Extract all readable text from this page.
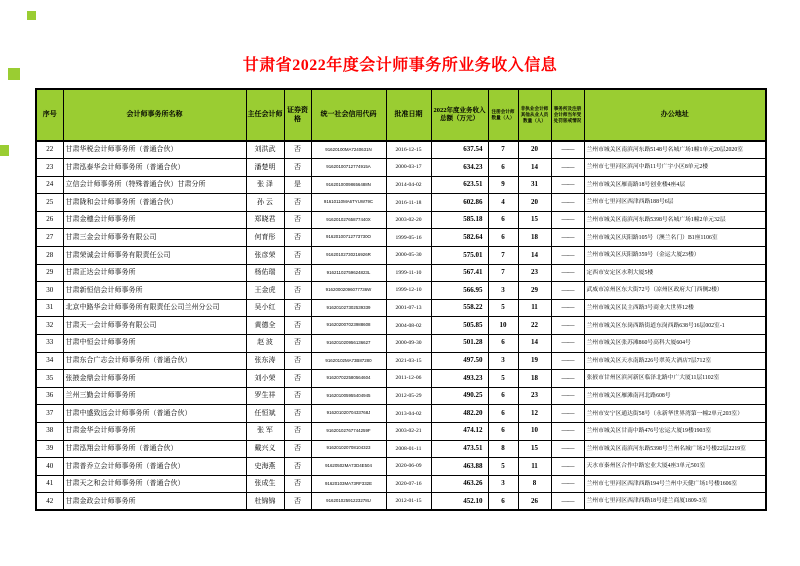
甘肃省2022年度会计师事务所业务收入信息
序号	会计师事务所名称	主任会计师	证券资格	统一社会信用代码	批准日期	2022年度业务收入总额（万元）	注册会计师数量（人）	非执业会计师其他从业人员数量（人）	事务所及注册会计师当年受处罚惩戒情况	办公地址
22	甘肃华税会计师事务所（普通合伙）	刘洪武	否	91620100MA7240631N	2016-12-15	637.54	7	20	——	兰州市城关区南滨河东路5148号名城广场1幢1单元20层2020室
23	甘肃泓泰华会计师事务所（普通合伙）	潘楚明	否	91620100712774915A	2000-03-17	634.23	6	14	——	兰州市七里河区滨河中路11号广宇小区8单元2楼
24	立信会计师事务所（特殊普通合伙）甘肃分所	张 泽	是	91620100098656488N	2014-04-02	623.51	9	31	——	兰州市城关区雁南路18号创业楼4座4层
25	甘肃陇和会计师事务所（普通合伙）	孙 云	否	91610110MA6TYUW79C	2016-11-18	602.86	4	20	——	兰州市七里河区西津西路188号6层
26	甘肃金穗会计师事务所	郑晓君	否	91620102765877440X	2003-02-20	585.18	6	15	——	兰州市城关区南滨河东路5398号名城广场1幢2单元32层
27	甘肃三金会计师事务有限公司	何育彤	否	91620100712773730O	1999-05-16	582.64	6	18	——	兰州市城关区庆阳路105号（澳兰名门）B1座1106室
28	甘肃荣诚会计师事务有限责任公司	张彦荣	否	91620102730216926R	2000-05-30	575.01	7	14	——	兰州市城关区庆阳路359号（金运大厦23楼）
29	甘肃正达会计师事务所	杨佑瑞	否	91621102759624823L	1999-11-10	567.41	7	23	——	定西市安定区水利大厦5楼
30	甘肃新恒信会计师事务所	王金虎	否	91620002096077736W	1999-12-10	566.95	3	29	——	武威市凉州区东大街72号（凉州区政府大门西侧2楼）
31	北京中路华会计师事务所有限责任公司兰州分公司	吴小红	否	916201027302539339	2001-07-13	558.22	5	11	——	兰州市城关区民主西路3号商业大世界12楼
32	甘肃天一会计师事务有限公司	黄德全	否	916202007023988608	2004-08-02	505.85	10	22	——	兰州市城关区东岗西路街道东岗西路638号16层002室-1
33	甘肃中恒会计师事务所	赵 波	否	916201020956136627	2000-09-30	501.28	6	14	——	兰州市城关区张苏滩860号高科大厦604号
34	甘肃东合广志会计师事务所（普通合伙）	张东涛	否	91620102MA73B87280	2021-03-15	497.50	3	19	——	兰州市城关区天水南路226号翠英大酒店7层712室
35	张掖金鼎会计师事务所	刘小荣	否	916207022580564604	2011-12-06	493.23	5	18	——	张掖市甘州区滨河新区临泽北路中广大厦11层1102室
36	兰州三勤会计师事务所	罗生祥	否	916201005955404945	2012-05-29	490.25	6	23	——	兰州市城关区雁滩南河北路608号
37	甘肃中盛致远会计师事务所（普通合伙）	任恒斌	否	91620102070433768J	2013-04-02	482.20	6	12	——	兰州市安宁区通达街58号（永新华世界湾第一幢2单元203室）
38	甘肃金华会计师事务所	张 军	否	91620102767744259F	2003-02-21	474.12	6	10	——	兰州市城关区甘南中路476号宏运大厦19楼1903室
39	甘肃泓翔会计师事务所（普通合伙）	戴兴义	否	916201020708104323	2008-01-11	473.51	8	15	——	兰州市城关区南滨河东路5398号兰州名城广场2号楼22层2219室
40	甘肃普乔立会计师事务所（普通合伙）	史海燕	否	91620502MA73D4E504	2020-06-09	463.88	5	11	——	天水市秦州区合作中路宏业大厦4座3单元501室
41	甘肃天之和会计师事务所（普通合伙）	张成生	否	91620103MA73RF332E	2020-07-16	463.26	3	8	——	兰州市七里河区西津西路194号兰州中天健广场1号楼1606室
42	甘肃金政会计师事务所	杜锦锦	否	91620102591223278U	2012-01-15	452.10	6	26	——	兰州市七里河区西津西路18号建兰商厦1809-3室
